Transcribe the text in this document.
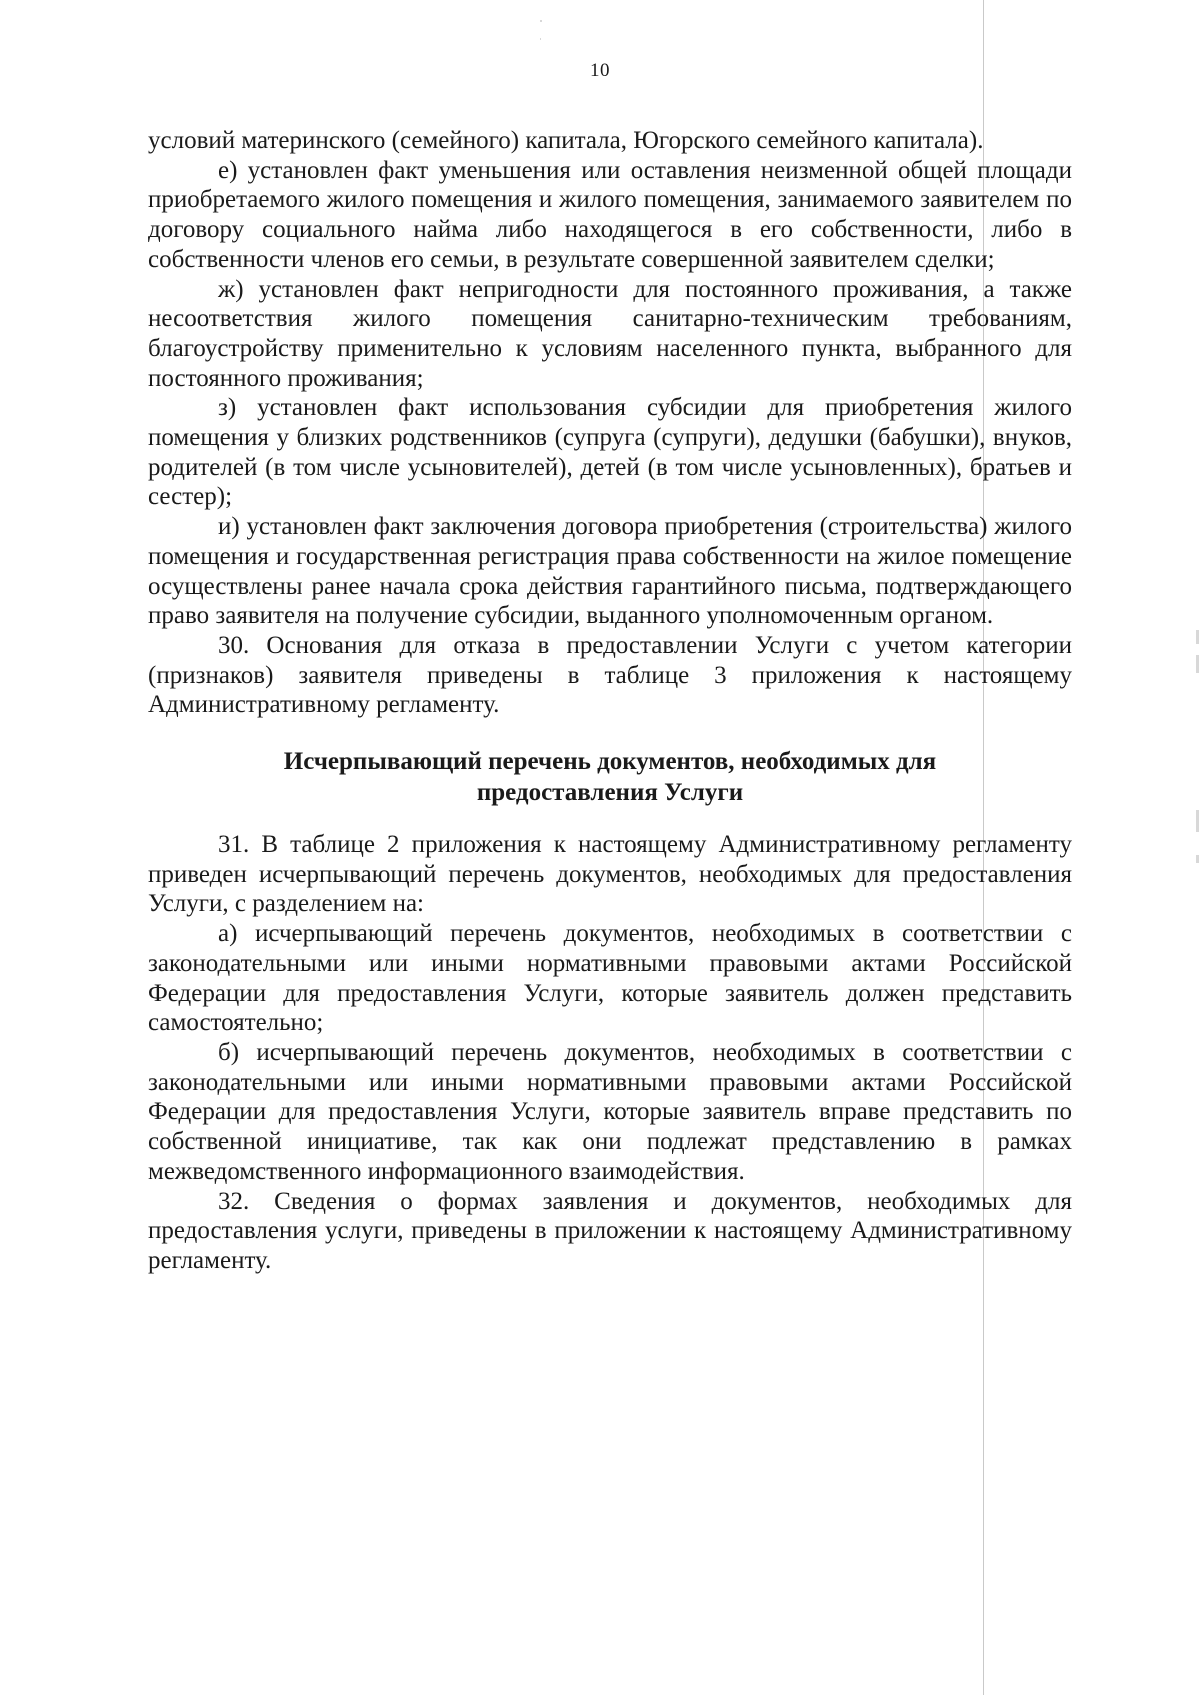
10

условий материнского (семейного) капитала, Югорского семейного капитала).

е) установлен факт уменьшения или оставления неизменной общей площади приобретаемого жилого помещения и жилого помещения, занимаемого заявителем по договору социального найма либо находящегося в его собственности, либо в собственности членов его семьи, в результате совершенной заявителем сделки;

ж) установлен факт непригодности для постоянного проживания, а также несоответствия жилого помещения санитарно-техническим требованиям, благоустройству применительно к условиям населенного пункта, выбранного для постоянного проживания;

з) установлен факт использования субсидии для приобретения жилого помещения у близких родственников (супруга (супруги), дедушки (бабушки), внуков, родителей (в том числе усыновителей), детей (в том числе усыновленных), братьев и сестер);

и) установлен факт заключения договора приобретения (строительства) жилого помещения и государственная регистрация права собственности на жилое помещение осуществлены ранее начала срока действия гарантийного письма, подтверждающего право заявителя на получение субсидии, выданного уполномоченным органом.

30. Основания для отказа в предоставлении Услуги с учетом категории (признаков) заявителя приведены в таблице 3 приложения к настоящему Административному регламенту.

Исчерпывающий перечень документов, необходимых для
предоставления Услуги

31. В таблице 2 приложения к настоящему Административному регламенту приведен исчерпывающий перечень документов, необходимых для предоставления Услуги, с разделением на:

а) исчерпывающий перечень документов, необходимых в соответствии с законодательными или иными нормативными правовыми актами Российской Федерации для предоставления Услуги, которые заявитель должен представить самостоятельно;

б) исчерпывающий перечень документов, необходимых в соответствии с законодательными или иными нормативными правовыми актами Российской Федерации для предоставления Услуги, которые заявитель вправе представить по собственной инициативе, так как они подлежат представлению в рамках межведомственного информационного взаимодействия.

32. Сведения о формах заявления и документов, необходимых для предоставления услуги, приведены в приложении к настоящему Административному регламенту.
